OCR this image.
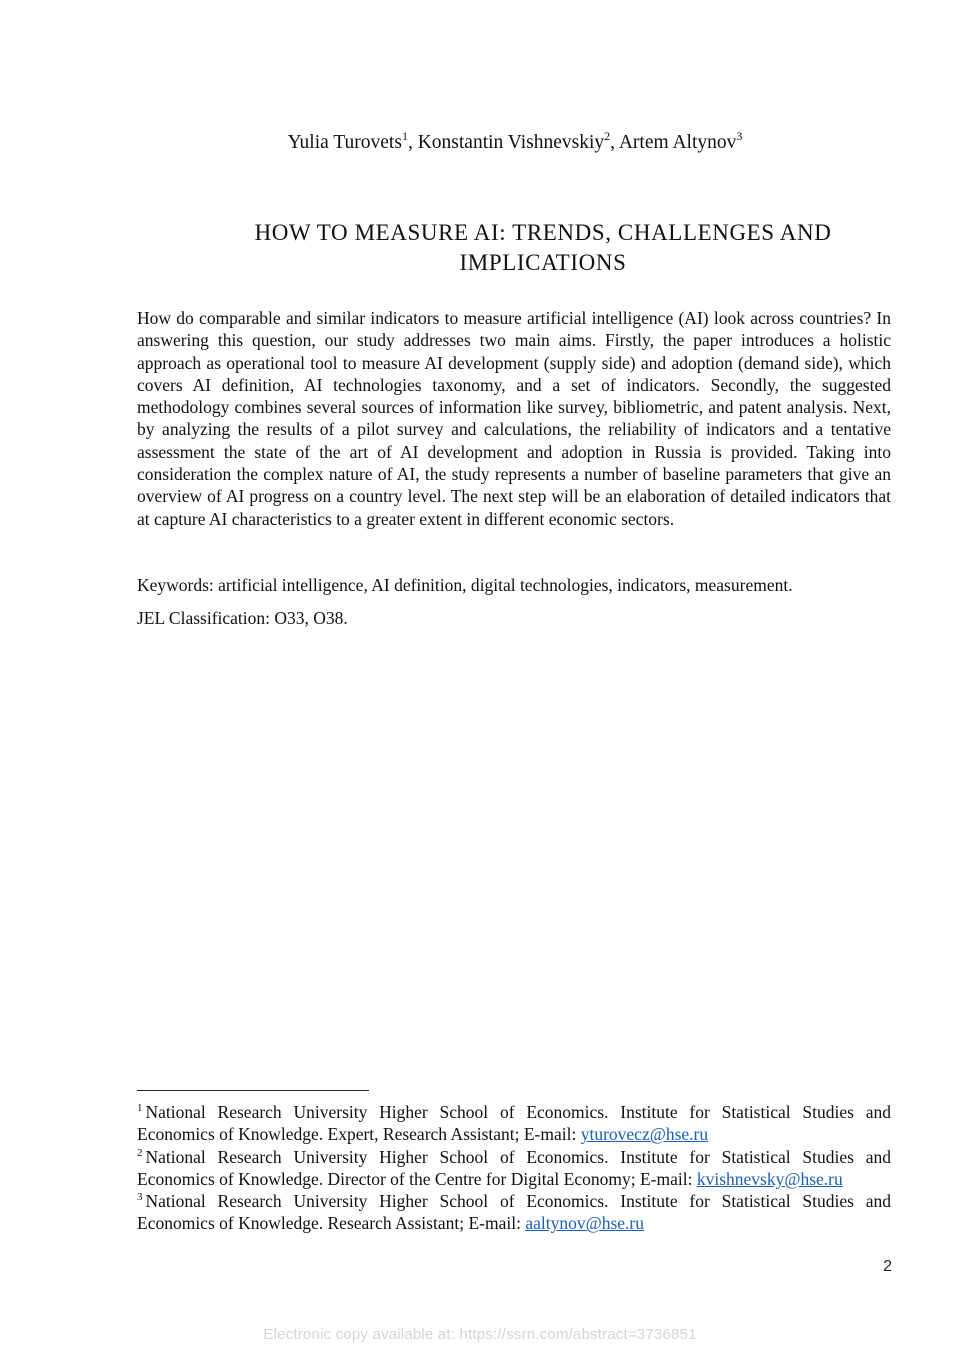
Yulia Turovets$^1$, Konstantin Vishnevskiy$^2$, Artem Altynov$^3$
HOW TO MEASURE AI: TRENDS, CHALLENGES AND
IMPLICATIONS

How do comparable and similar indicators to measure artificial intelligence (AI) look across countries? In answering this question, our study addresses two main aims. Firstly, the paper introduces a holistic approach as operational tool to measure AI development (supply side) and adoption (demand side), which covers AI definition, AI technologies taxonomy, and a set of indicators. Secondly, the suggested methodology combines several sources of information like survey, bibliometric, and patent analysis. Next, by analyzing the results of a pilot survey and calculations, the reliability of indicators and a tentative assessment the state of the art of AI development and adoption in Russia is provided. Taking into consideration the complex nature of AI, the study represents a number of baseline parameters that give an overview of AI progress on a country level. The next step will be an elaboration of detailed indicators that at capture AI characteristics to a greater extent in different economic sectors.

Keywords: artificial intelligence, AI definition, digital technologies, indicators, measurement.

JEL Classification: O33, O38.

$^1$ National Research University Higher School of Economics. Institute for Statistical Studies and Economics of Knowledge. Expert, Research Assistant; E-mail: yturovecz@hse.ru

$^2$ National Research University Higher School of Economics. Institute for Statistical Studies and Economics of Knowledge. Director of the Centre for Digital Economy; E-mail: kvishnevsky@hse.ru

$^3$ National Research University Higher School of Economics. Institute for Statistical Studies and Economics of Knowledge. Research Assistant; E-mail: aaltynov@hse.ru

2
Electronic copy available at: https://ssrn.com/abstract=3736851
